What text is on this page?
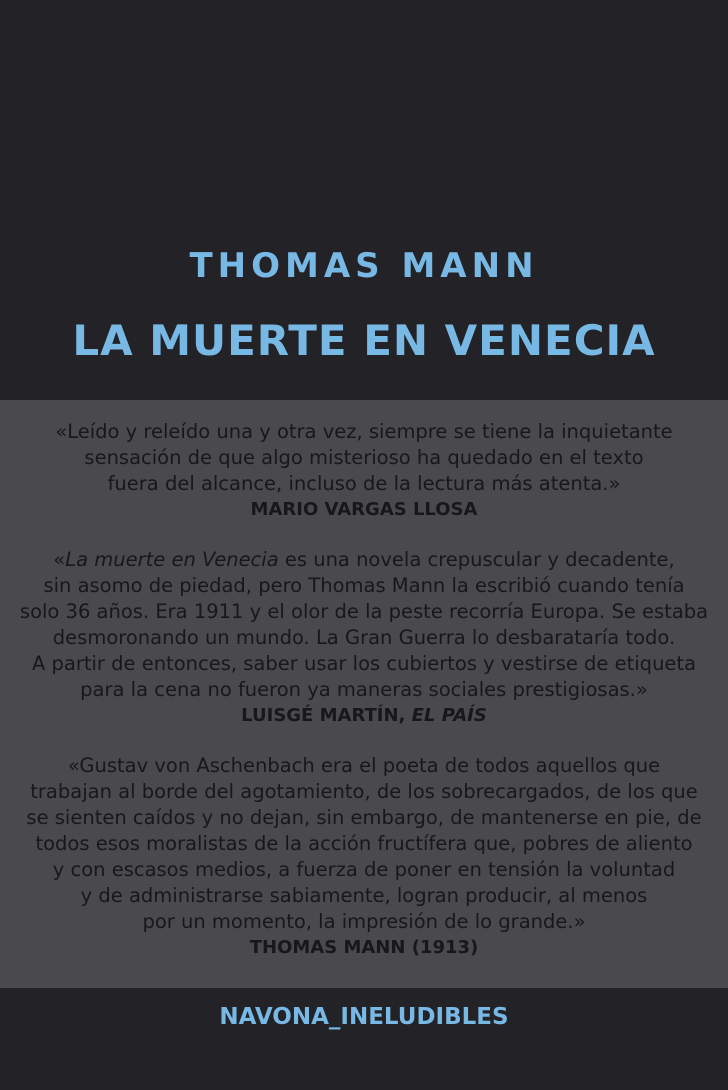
THOMAS MANN
LA MUERTE EN VENECIA
«Leído y releído una y otra vez, siempre se tiene la inquietante
sensación de que algo misterioso ha quedado en el texto
fuera del alcance, incluso de la lectura más atenta.»
MARIO VARGAS LLOSA
«La muerte en Venecia es una novela crepuscular y decadente,
sin asomo de piedad, pero Thomas Mann la escribió cuando tenía
solo 36 años. Era 1911 y el olor de la peste recorría Europa. Se estaba
desmoronando un mundo. La Gran Guerra lo desbarataría todo.
A partir de entonces, saber usar los cubiertos y vestirse de etiqueta
para la cena no fueron ya maneras sociales prestigiosas.»
LUISGÉ MARTÍN, EL PAÍS
«Gustav von Aschenbach era el poeta de todos aquellos que
trabajan al borde del agotamiento, de los sobrecargados, de los que
se sienten caídos y no dejan, sin embargo, de mantenerse en pie, de
todos esos moralistas de la acción fructífera que, pobres de aliento
y con escasos medios, a fuerza de poner en tensión la voluntad
y de administrarse sabiamente, logran producir, al menos
por un momento, la impresión de lo grande.»
THOMAS MANN (1913)
NAVONA_INELUDIBLES
